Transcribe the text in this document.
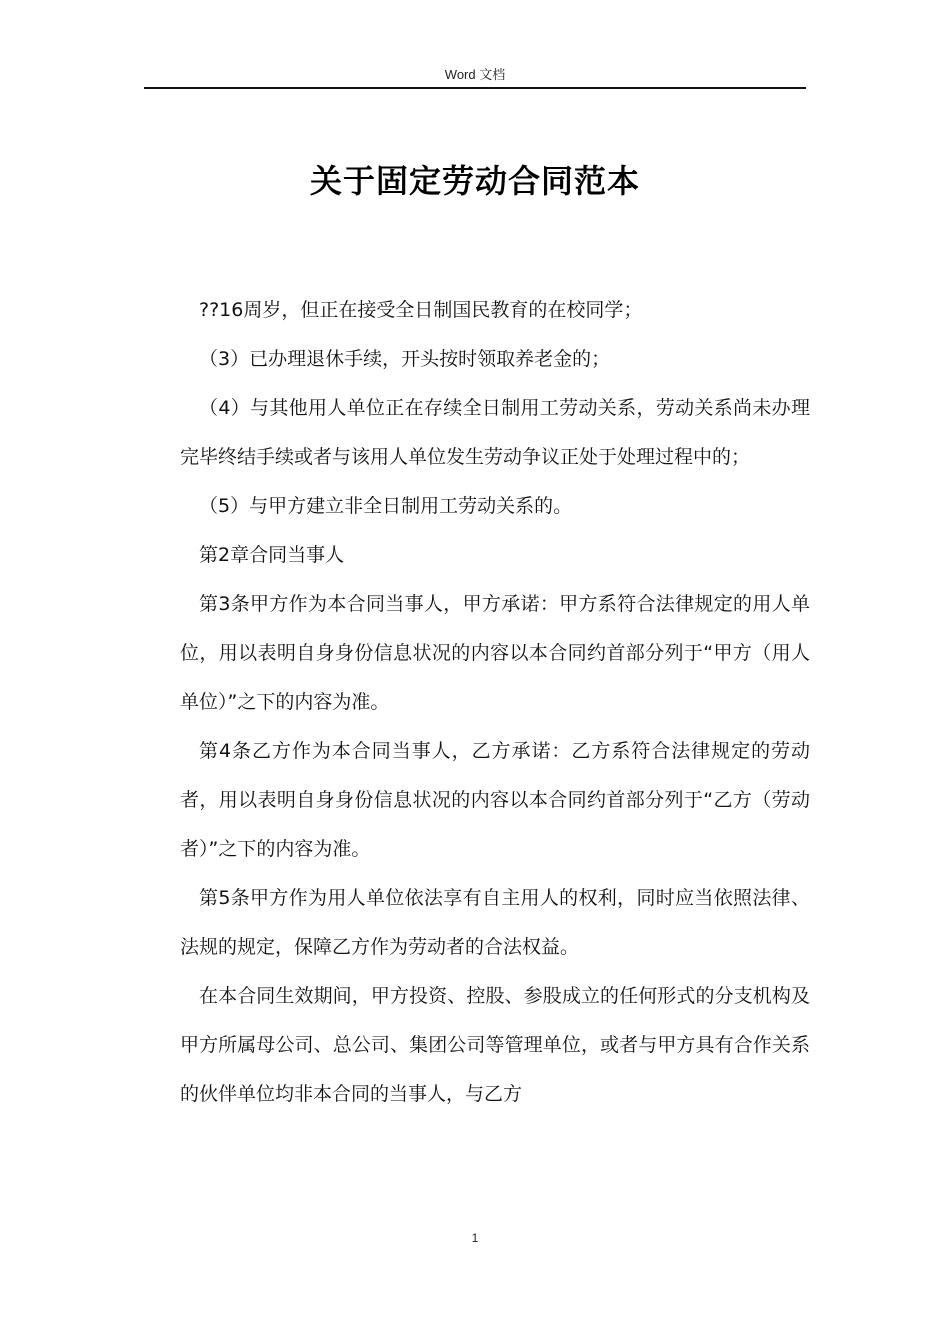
Word 文档
关于固定劳动合同范本

??16周岁，但正在接受全日制国民教育的在校同学；

（3）已办理退休手续，开头按时领取养老金的；

（4）与其他用人单位正在存续全日制用工劳动关系，劳动关系尚未办理完毕终结手续或者与该用人单位发生劳动争议正处于处理过程中的；

（5）与甲方建立非全日制用工劳动关系的。

第2章合同当事人

第3条甲方作为本合同当事人，甲方承诺：甲方系符合法律规定的用人单位，用以表明自身身份信息状况的内容以本合同约首部分列于“甲方（用人单位）”之下的内容为准。

第4条乙方作为本合同当事人，乙方承诺：乙方系符合法律规定的劳动者，用以表明自身身份信息状况的内容以本合同约首部分列于“乙方（劳动者）”之下的内容为准。

第5条甲方作为用人单位依法享有自主用人的权利，同时应当依照法律、法规的规定，保障乙方作为劳动者的合法权益。

在本合同生效期间，甲方投资、控股、参股成立的任何形式的分支机构及甲方所属母公司、总公司、集团公司等管理单位，或者与甲方具有合作关系的伙伴单位均非本合同的当事人，与乙方

1
